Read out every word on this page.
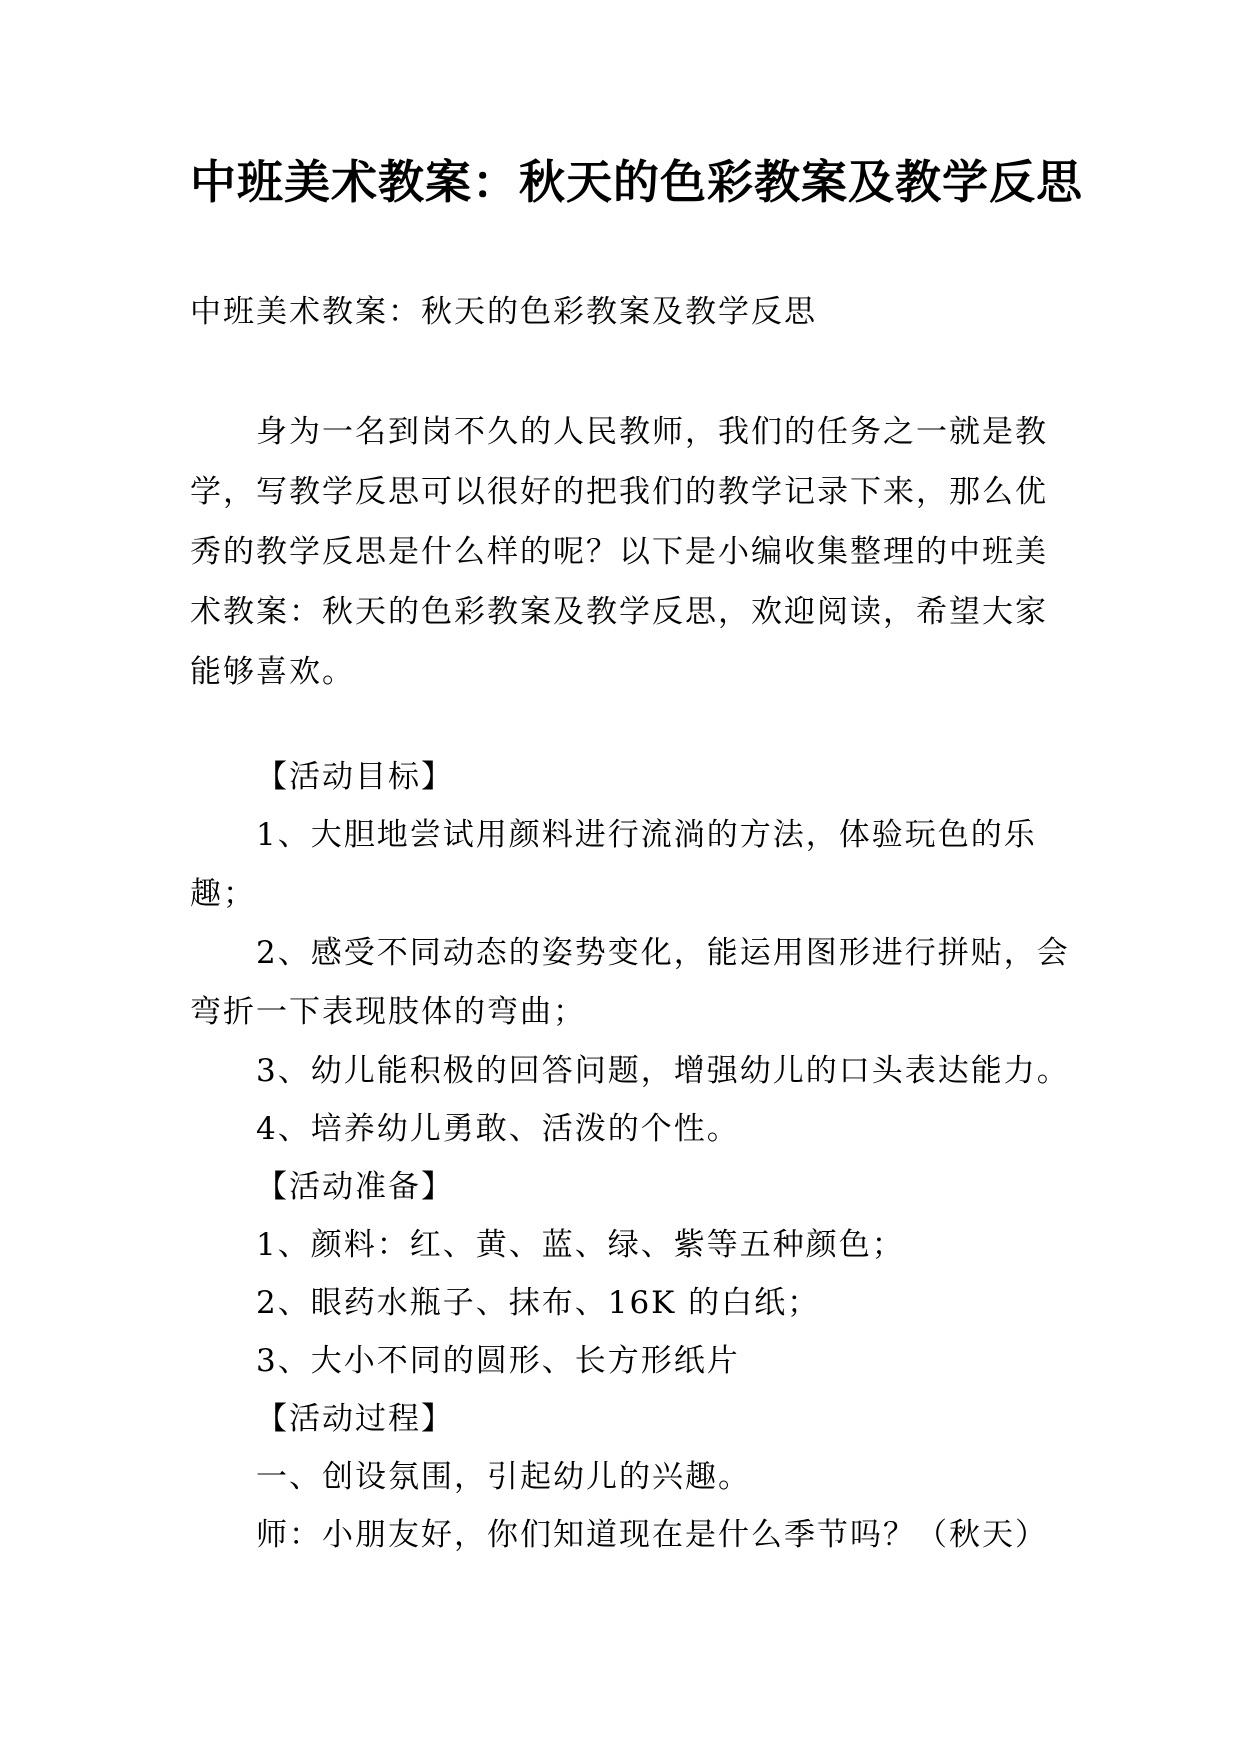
中班美术教案：秋天的色彩教案及教学反思
中班美术教案：秋天的色彩教案及教学反思

身为一名到岗不久的人民教师，我们的任务之一就是教学，写教学反思可以很好的把我们的教学记录下来，那么优秀的教学反思是什么样的呢？以下是小编收集整理的中班美术教案：秋天的色彩教案及教学反思，欢迎阅读，希望大家能够喜欢。

【活动目标】

1、大胆地尝试用颜料进行流淌的方法，体验玩色的乐趣；

2、感受不同动态的姿势变化，能运用图形进行拼贴，会弯折一下表现肢体的弯曲；

3、幼儿能积极的回答问题，增强幼儿的口头表达能力。

4、培养幼儿勇敢、活泼的个性。

【活动准备】

1、颜料：红、黄、蓝、绿、紫等五种颜色；

2、眼药水瓶子、抹布、16K 的白纸；

3、大小不同的圆形、长方形纸片

【活动过程】

一、创设氛围，引起幼儿的兴趣。

师：小朋友好，你们知道现在是什么季节吗？（秋天）
